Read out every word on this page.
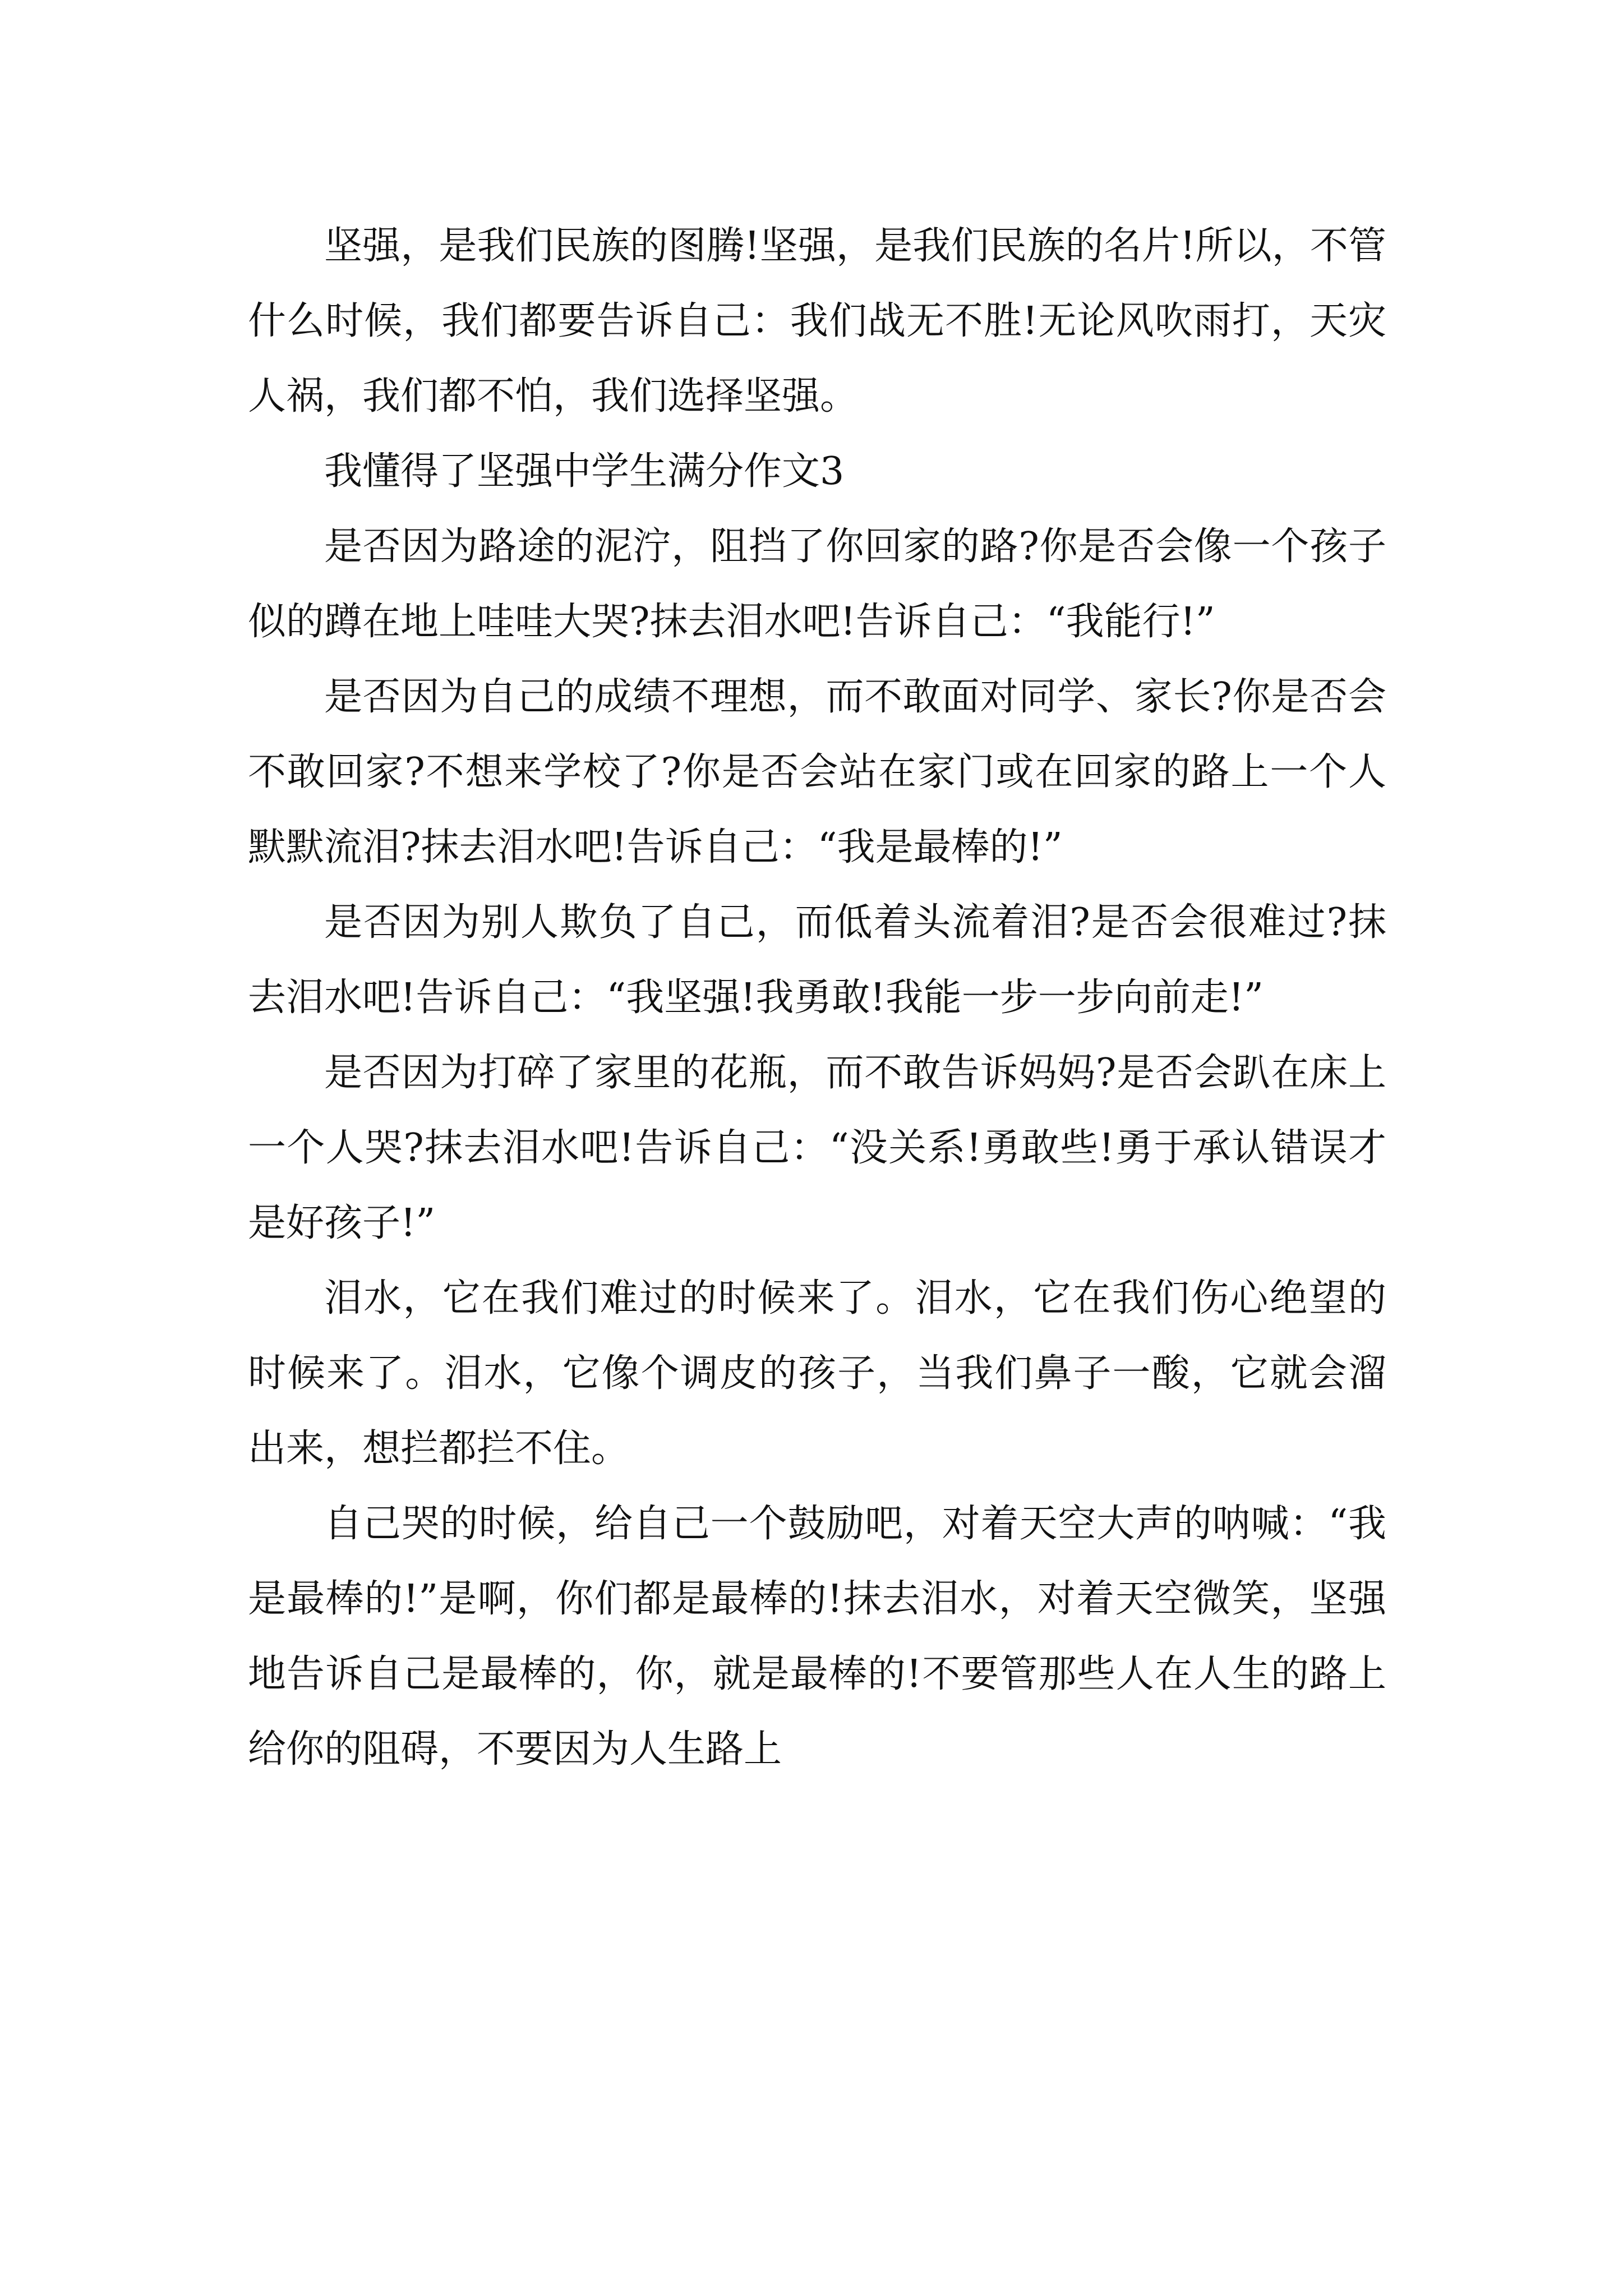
坚强，是我们民族的图腾!坚强，是我们民族的名片!所以，不管什么时候，我们都要告诉自己：我们战无不胜!无论风吹雨打，天灾人祸，我们都不怕，我们选择坚强。

我懂得了坚强中学生满分作文3

是否因为路途的泥泞，阻挡了你回家的路?你是否会像一个孩子似的蹲在地上哇哇大哭?抹去泪水吧!告诉自己：“我能行!”

是否因为自己的成绩不理想，而不敢面对同学、家长?你是否会不敢回家?不想来学校了?你是否会站在家门或在回家的路上一个人默默流泪?抹去泪水吧!告诉自己：“我是最棒的!”

是否因为别人欺负了自己，而低着头流着泪?是否会很难过?抹去泪水吧!告诉自己：“我坚强!我勇敢!我能一步一步向前走!”

是否因为打碎了家里的花瓶，而不敢告诉妈妈?是否会趴在床上一个人哭?抹去泪水吧!告诉自己：“没关系!勇敢些!勇于承认错误才是好孩子!”

泪水，它在我们难过的时候来了。泪水，它在我们伤心绝望的时候来了。泪水，它像个调皮的孩子，当我们鼻子一酸，它就会溜出来，想拦都拦不住。

自己哭的时候，给自己一个鼓励吧，对着天空大声的呐喊：“我是最棒的!”是啊，你们都是最棒的!抹去泪水，对着天空微笑，坚强地告诉自己是最棒的，你，就是最棒的!不要管那些人在人生的路上给你的阻碍，不要因为人生路上
